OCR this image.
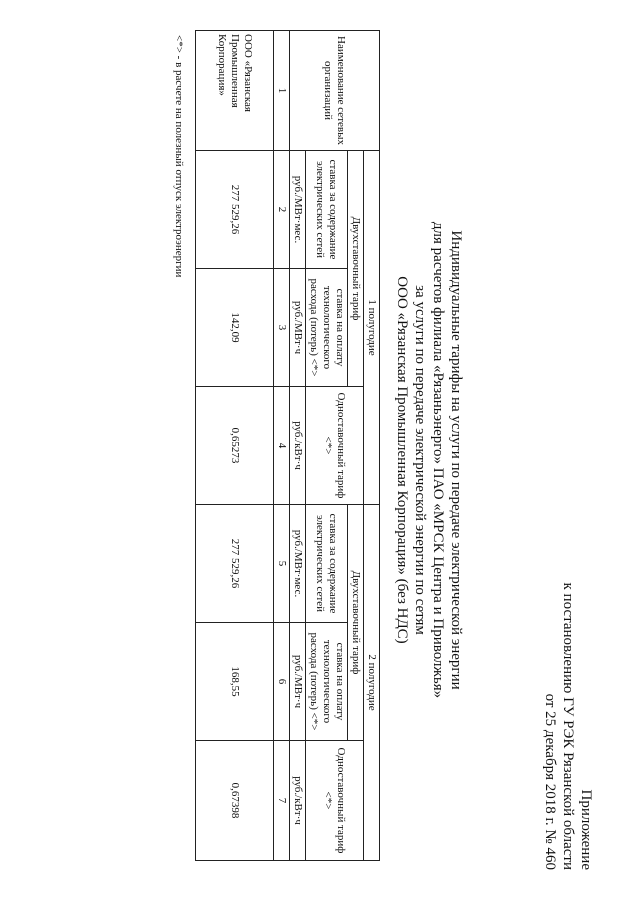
Приложение
к постановлению ГУ РЭК Рязанской области
от 25 декабря 2018 г. № 460
Индивидуальные тарифы на услуги по передаче электрической энергии
для расчетов филиала «Рязаньэнерго» ПАО «МРСК Центра и Приволжья»
за услуги по передаче электрической энергии по сетям
ООО «Рязанская Промышленная Корпорация» (без НДС)
Наименование сетевых организаций	1 полугодие			2 полугодие		
	Двухставочный тариф		Одноставочный тариф <*>	Двухставочный тариф		Одноставочный тариф <*>
	ставка за содержание электрических сетей	ставка на оплату технологического расхода (потерь) <*>		ставка за содержание электрических сетей	ставка на оплату технологического расхода (потерь) <*>	
	руб./МВт·мес.	руб./МВт·ч	руб./кВт·ч	руб./МВт·мес.	руб./МВт·ч	руб./кВт·ч
1	2	3	4	5	6	7
ООО «Рязанская Промышленная Корпорация»	277 529,26	142,09	0,65273	277 529,26	168,55	0,67398
<*> - в расчете на полезный отпуск электроэнергии
